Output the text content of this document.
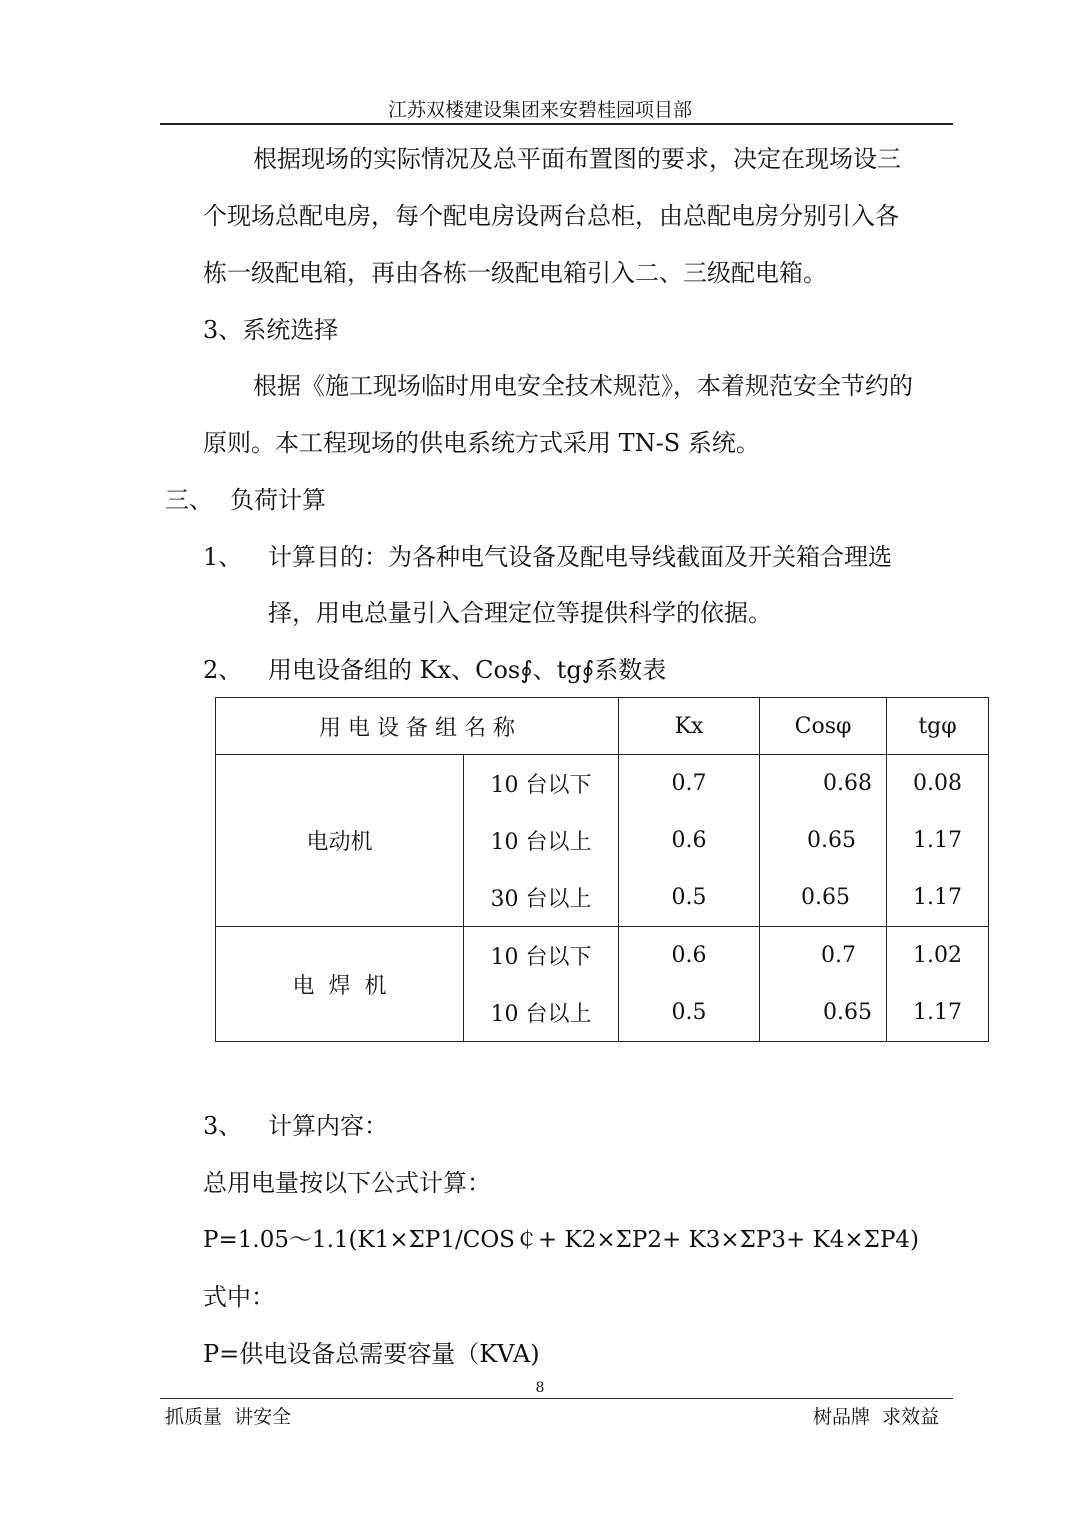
江苏双楼建设集团来安碧桂园项目部
根据现场的实际情况及总平面布置图的要求，决定在现场设三
个现场总配电房，每个配电房设两台总柜，由总配电房分别引入各
栋一级配电箱，再由各栋一级配电箱引入二、三级配电箱。
3、系统选择
根据《施工现场临时用电安全技术规范》，本着规范安全节约的
原则。本工程现场的供电系统方式采用 TN-S 系统。
三、 负荷计算
1、 计算目的：为各种电气设备及配电导线截面及开关箱合理选
择，用电总量引入合理定位等提供科学的依据。
2、 用电设备组的 Kx、Cos∮、tg∮系数表
用 电 设 备 组 名 称		Kx	Cosφ	tgφ
电动机	10 台以下	0.7	0.68	0.08
	10 台以上	0.6	0.65	1.17
	30 台以上	0.5	0.65	1.17
电  焊  机	10 台以下	0.6	0.7	1.02
	10 台以上	0.5	0.65	1.17
3、 计算内容：
总用电量按以下公式计算：
P=1.05～1.1(K1×ΣP1/COS￠+ K2×ΣP2+ K3×ΣP3+ K4×ΣP4)
式中：
P=供电设备总需要容量（KVA)
8
抓质量  讲安全	树品牌  求效益
